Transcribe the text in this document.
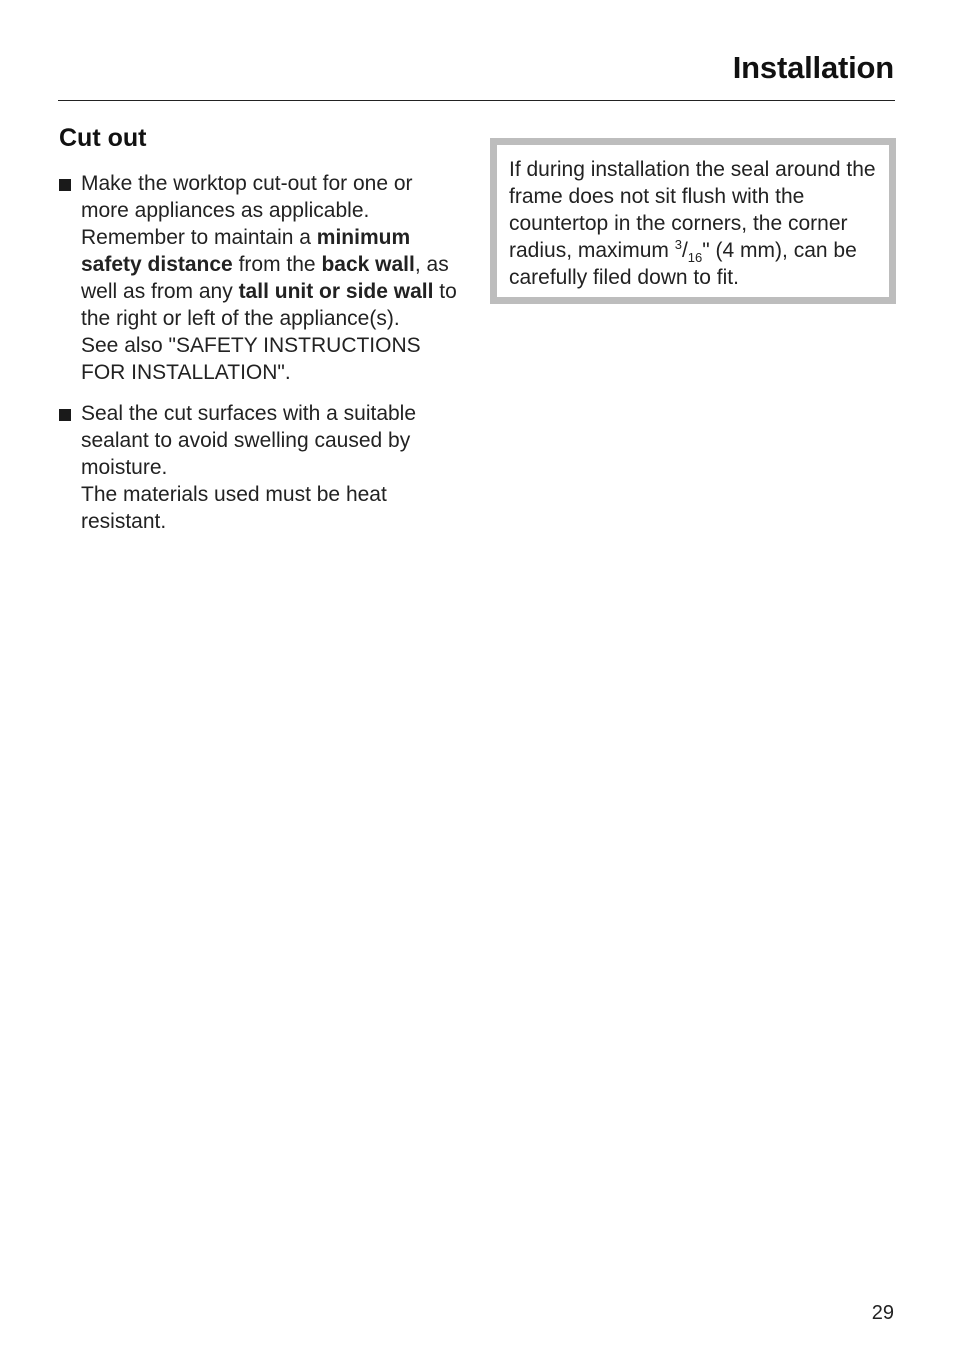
Installation
Cut out
Make the worktop cut-out for one or more appliances as applicable. Remember to maintain a minimum safety distance from the back wall, as well as from any tall unit or side wall to the right or left of the appliance(s).
See also "SAFETY INSTRUCTIONS FOR INSTALLATION".
Seal the cut surfaces with a suitable sealant to avoid swelling caused by moisture.
The materials used must be heat resistant.
If during installation the seal around the frame does not sit flush with the countertop in the corners, the corner radius, maximum $^3/_{16}$" (4 mm), can be carefully filed down to fit.
29
